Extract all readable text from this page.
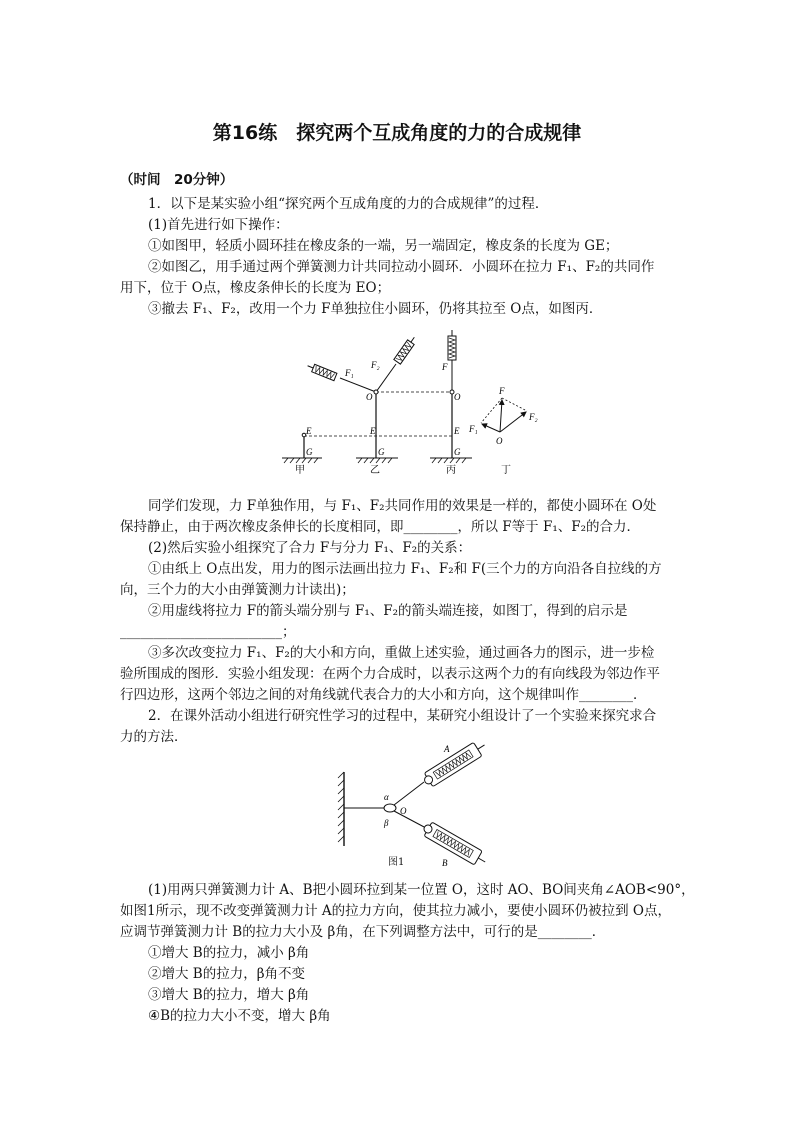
第16练　探究两个互成角度的力的合成规律
（时间　20分钟）
1．以下是某实验小组“探究两个互成角度的力的合成规律”的过程．
(1)首先进行如下操作：
①如图甲，轻质小圆环挂在橡皮条的一端，另一端固定，橡皮条的长度为 GE；
②如图乙，用手通过两个弹簧测力计共同拉动小圆环．小圆环在拉力 F₁、F₂的共同作
用下，位于 O点，橡皮条伸长的长度为 EO；
③撤去 F₁、F₂，改用一个力 F单独拉住小圆环，仍将其拉至 O点，如图丙．
E
G
E
G
O
F₁
F₂
O
F
E
G
F
F₁
F₂
O
甲	乙	丙	丁
同学们发现，力 F单独作用，与 F₁、F₂共同作用的效果是一样的，都使小圆环在 O处
保持静止，由于两次橡皮条伸长的长度相同，即________，所以 F等于 F₁、F₂的合力．
(2)然后实验小组探究了合力 F与分力 F₁、F₂的关系：
①由纸上 O点出发，用力的图示法画出拉力 F₁、F₂和 F(三个力的方向沿各自拉线的方
向，三个力的大小由弹簧测力计读出)；
②用虚线将拉力 F的箭头端分别与 F₁、F₂的箭头端连接，如图丁，得到的启示是
________________________；
③多次改变拉力 F₁、F₂的大小和方向，重做上述实验，通过画各力的图示，进一步检
验所围成的图形．实验小组发现：在两个力合成时，以表示这两个力的有向线段为邻边作平
行四边形，这两个邻边之间的对角线就代表合力的大小和方向，这个规律叫作________．
2．在课外活动小组进行研究性学习的过程中，某研究小组设计了一个实验来探究求合
力的方法．
A
B
O
α
β
图1
(1)用两只弹簧测力计 A、B把小圆环拉到某一位置 O，这时 AO、BO间夹角∠AOB<90°，
如图1所示，现不改变弹簧测力计 A的拉力方向，使其拉力减小，要使小圆环仍被拉到 O点，
应调节弹簧测力计 B的拉力大小及 β角，在下列调整方法中，可行的是________．
①增大 B的拉力，减小 β角
②增大 B的拉力，β角不变
③增大 B的拉力，增大 β角
④B的拉力大小不变，增大 β角
